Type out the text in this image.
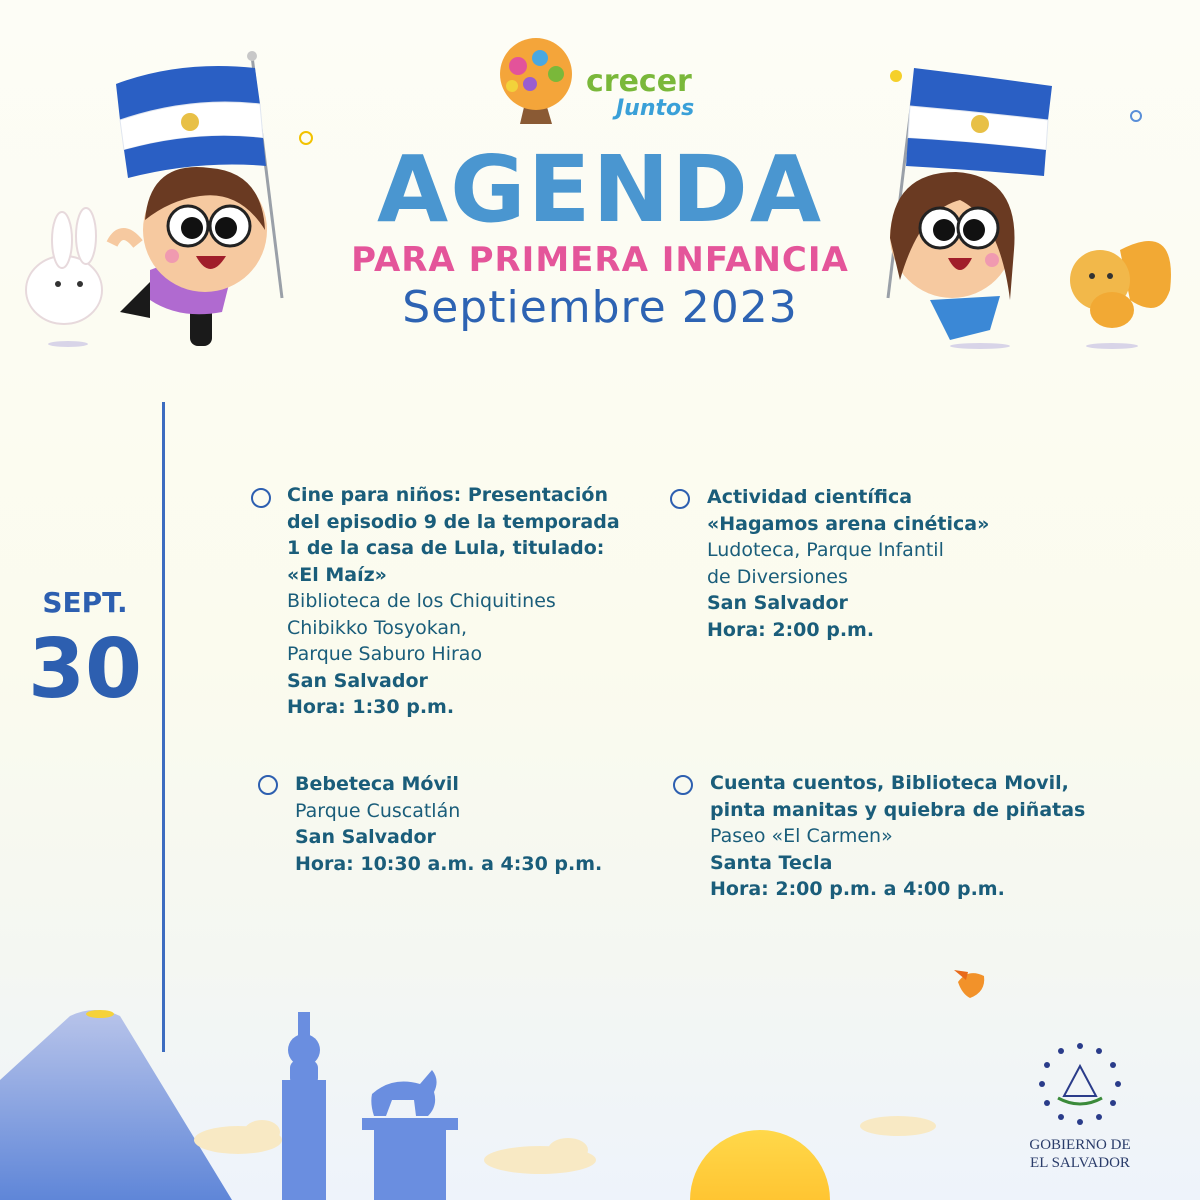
crecer
Juntos
AGENDA
PARA PRIMERA INFANCIA
Septiembre 2023
SEPT.
30

Cine para niños: Presentación
del episodio 9 de la temporada
1 de la casa de Lula, titulado:
«El Maíz»

Biblioteca de los Chiquitines
Chibikko Tosyokan,
Parque Saburo Hirao

San Salvador

Hora: 1:30 p.m.

Actividad científica
«Hagamos arena cinética»

Ludoteca, Parque Infantil
de Diversiones

San Salvador

Hora: 2:00 p.m.

Bebeteca Móvil

Parque Cuscatlán

San Salvador

Hora: 10:30 a.m. a 4:30 p.m.

Cuenta cuentos, Biblioteca Movil,
pinta manitas y quiebra de piñatas

Paseo «El Carmen»

Santa Tecla

Hora: 2:00 p.m. a 4:00 p.m.

GOBIERNO DE
EL SALVADOR
